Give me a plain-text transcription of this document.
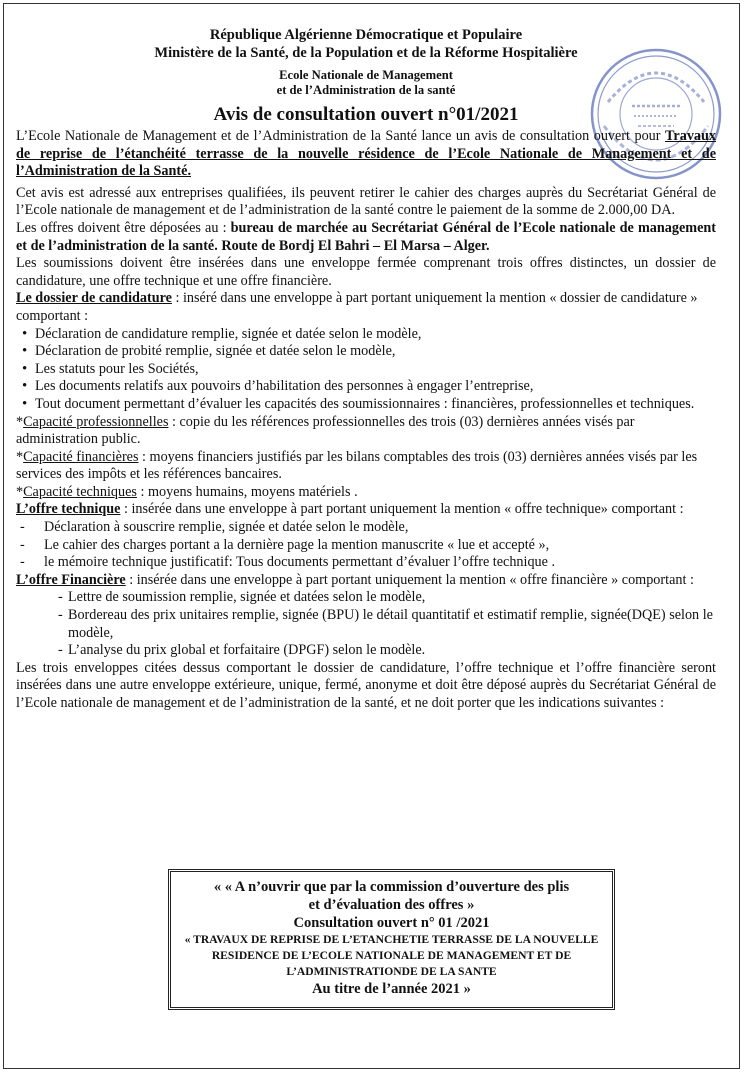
République Algérienne Démocratique et Populaire
Ministère de la Santé, de la Population et de la Réforme Hospitalière
Ecole Nationale de Management
et de l’Administration de la santé
Avis de consultation ouvert n°01/2021

L’Ecole Nationale de Management et de l’Administration de la Santé lance un avis de consultation ouvert pour Travaux de reprise de l’étanchéité terrasse de la nouvelle résidence de l’Ecole Nationale de Management et de l’Administration de la Santé.

Cet avis est adressé aux entreprises qualifiées, ils peuvent retirer le cahier des charges auprès du Secrétariat Général de l’Ecole nationale de management et de l’administration de la santé contre le paiement de la somme de 2.000,00 DA.

Les offres doivent être déposées au : bureau de marchée au Secrétariat Général de l’Ecole nationale de management et de l’administration de la santé. Route de Bordj El Bahri – El Marsa – Alger.

Les soumissions doivent être insérées dans une enveloppe fermée comprenant trois offres distinctes, un dossier de candidature, une offre technique et une offre financière.

Le dossier de candidature : inséré dans une enveloppe à part portant uniquement la mention « dossier de candidature » comportant :

• Déclaration de candidature remplie, signée et datée selon le modèle,
• Déclaration de probité remplie, signée et datée selon le modèle,
• Les statuts pour les Sociétés,
• Les documents relatifs aux pouvoirs d’habilitation des personnes à engager l’entreprise,
• Tout document permettant d’évaluer les capacités des soumissionnaires : financières, professionnelles et techniques.

*Capacité professionnelles : copie du les références professionnelles des trois (03) dernières années visés par administration public.

*Capacité financières : moyens financiers justifiés par les bilans comptables des trois (03) dernières années visés par les services des impôts et les références bancaires.

*Capacité techniques : moyens humains, moyens matériels .

L’offre technique : insérée dans une enveloppe à part portant uniquement la mention « offre technique» comportant :

- Déclaration à souscrire remplie, signée et datée selon le modèle,
- Le cahier des charges portant a la dernière page la mention manuscrite « lue et accepté »,
- le mémoire technique justificatif: Tous documents permettant d’évaluer l’offre technique .

L’offre Financière : insérée dans une enveloppe à part portant uniquement la mention « offre financière » comportant :

- Lettre de soumission remplie, signée et datées selon le modèle,
- Bordereau des prix unitaires remplie, signée (BPU) le détail quantitatif et estimatif remplie, signée(DQE) selon le modèle,
- L’analyse du prix global et forfaitaire (DPGF) selon le modèle.

Les trois enveloppes citées dessus comportant le dossier de candidature, l’offre technique et l’offre financière seront insérées dans une autre enveloppe extérieure, unique, fermé, anonyme et doit être déposé auprès du Secrétariat Général de l’Ecole nationale de management et de l’administration de la santé, et ne doit porter que les indications suivantes :

« « A n’ouvrir que par la commission d’ouverture des plis
et d’évaluation des offres »
Consultation ouvert n° 01 /2021
« TRAVAUX DE REPRISE DE L’ETANCHETIE TERRASSE DE LA NOUVELLE
RESIDENCE DE L’ECOLE NATIONALE DE MANAGEMENT ET DE
L’ADMINISTRATIONDE DE LA SANTE
Au titre de l’année 2021 »
